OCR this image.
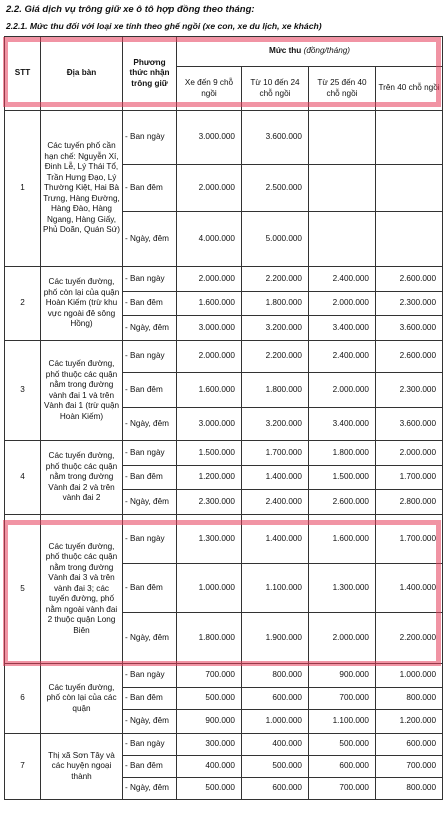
2.2. Giá dịch vụ trông giữ xe ô tô hợp đồng theo tháng:
2.2.1. Mức thu đối với loại xe tính theo ghế ngồi (xe con, xe du lịch, xe khách)
STT	Địa bàn	Phương thức nhận trông giữ	Mức thu (đồng/tháng)			
			Xe đến 9 chỗ ngồi	Từ 10 đến 24 chỗ ngồi	Từ 25 đến 40 chỗ ngồi	Trên 40 chỗ ngồi
1	Các tuyến phố cần hạn chế: Nguyễn Xí, Đinh Lễ, Lý Thái Tổ, Trần Hưng Đạo, Lý Thường Kiệt, Hai Bà Trưng, Hàng Đường, Hàng Đào, Hàng Ngang, Hàng Giấy, Phủ Doãn, Quán Sứ)	- Ban ngày	3.000.000	3.600.000		
		- Ban đêm	2.000.000	2.500.000		
		- Ngày, đêm	4.000.000	5.000.000		
2	Các tuyến đường, phố còn lại của quận Hoàn Kiếm (trừ khu vực ngoài đê sông Hồng)	- Ban ngày	2.000.000	2.200.000	2.400.000	2.600.000
		- Ban đêm	1.600.000	1.800.000	2.000.000	2.300.000
		- Ngày, đêm	3.000.000	3.200.000	3.400.000	3.600.000
3	Các tuyến đường, phố thuộc các quận nằm trong đường vành đai 1 và trên Vành đai 1 (trừ quận Hoàn Kiếm)	- Ban ngày	2.000.000	2.200.000	2.400.000	2.600.000
		- Ban đêm	1.600.000	1.800.000	2.000.000	2.300.000
		- Ngày, đêm	3.000.000	3.200.000	3.400.000	3.600.000
4	Các tuyến đường, phố thuộc các quận nằm trong đường Vành đai 2 và trên vành đai 2	- Ban ngày	1.500.000	1.700.000	1.800.000	2.000.000
		- Ban đêm	1.200.000	1.400.000	1.500.000	1.700.000
		- Ngày, đêm	2.300.000	2.400.000	2.600.000	2.800.000
5	Các tuyến đường, phố thuộc các quận nằm trong đường Vành đai 3 và trên vành đai 3; các tuyến đường, phố nằm ngoài vành đai 2 thuộc quận Long Biên	- Ban ngày	1.300.000	1.400.000	1.600.000	1.700.000
		- Ban đêm	1.000.000	1.100.000	1.300.000	1.400.000
		- Ngày, đêm	1.800.000	1.900.000	2.000.000	2.200.000
6	Các tuyến đường, phố còn lại của các quận	- Ban ngày	700.000	800.000	900.000	1.000.000
		- Ban đêm	500.000	600.000	700.000	800.000
		- Ngày, đêm	900.000	1.000.000	1.100.000	1.200.000
7	Thị xã Sơn Tây và các huyện ngoại thành	- Ban ngày	300.000	400.000	500.000	600.000
		- Ban đêm	400.000	500.000	600.000	700.000
		- Ngày, đêm	500.000	600.000	700.000	800.000
